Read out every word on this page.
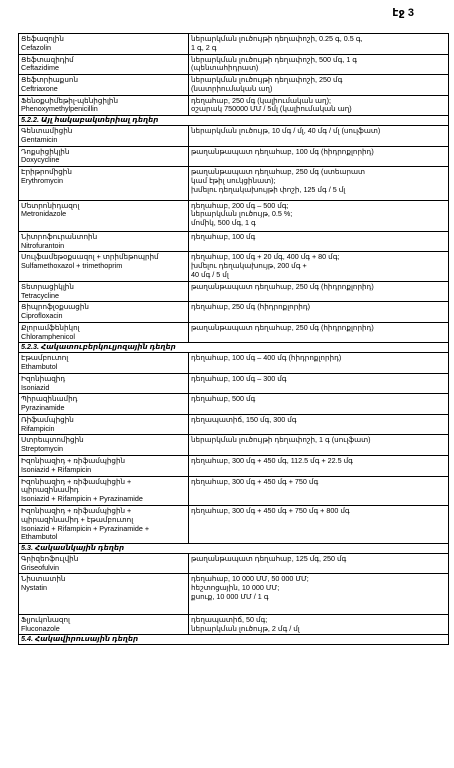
էջ 3
Ցեֆազոլին
Cefazolin	ներարկման լուծույթի դեղափոշի, 0.25 գ, 0.5 գ,
1 գ, 2 գ

Ցեֆտազիդիմ
Ceftazidime	ներարկման լուծույթի դեղափոշի, 500 մգ, 1 գ
(պենտահիդրատ)

Ցեֆտրիաքսոն
Ceftriaxone	ներարկման լուծույթի դեղափոշի, 250 մգ
(նատրիումական աղ)

Ֆենօքսիմեթիլ-պենիցիլին
Phenoxymethylpenicillin	դեղահաբ, 250 մգ (կալիումական աղ);
օշարակ 750000 ՄՄ / 5մլ (կալիումական աղ)

5.2.2. Այլ հակաբակտերիալ դեղեր	

Գենտամիցին
Gentamicin	ներարկման լուծույթ, 10 մգ / մլ, 40 մգ / մլ (սուլֆատ)

Դոքսիցիկլին
Doxycycline	թաղանթապատ դեղահաբ, 100 մգ (հիդրոքլորիդ)

Էրիթրոմիցին
Erythromycin	թաղանթապատ դեղահաբ, 250 մգ (ստեարատ
կամ էթիլ սուկցինատ);
խմելու դեղակախույթի փոշի, 125 մգ / 5 մլ

Մետրոնիդազոլ
Metronidazole	դեղահաբ, 200 մգ – 500 մգ;
ներարկման լուծույթ, 0.5 %;
մոմիկ, 500 մգ, 1 գ

Նիտրոֆուրանտոին
Nitrofurantoin	դեղահաբ, 100 մգ

Սուլֆամեթօքսազոլ + տրիմեթոպրիմ
Sulfamethoxazol + trimethoprim	դեղահաբ, 100 մգ + 20 մգ, 400 մգ + 80 մգ;
խմելու դեղակախույթ, 200 մգ +
40 մգ / 5 մլ

Տետրացիկլին
Tetracycline	թաղանթապատ դեղահաբ, 250 մգ (հիդրոքլորիդ)

Ցիպրոֆլօքսացին
Ciprofloxacin	դեղահաբ, 250 մգ (հիդրոքլորիդ)

Քլորամֆենիկոլ
Chloramphenicol	թաղանթապատ դեղահաբ, 250 մգ (հիդրոքլորիդ)

5.2.3. Հակատուբերկուլյոզային դեղեր	

Էթամբուտոլ
Ethambutol	դեղահաբ, 100 մգ – 400 մգ (հիդրոքլորիդ)

Իզոնիազիդ
Isoniazid	դեղահաբ, 100 մգ – 300 մգ

Պիրազինամիդ
Pyrazinamide	դեղահաբ, 500 մգ

Ռիֆամպիցին
Rifampicin	դեղապատիճ, 150 մգ, 300 մգ

Ստրեպտոմիցին
Streptomycin	ներարկման լուծույթի դեղափոշի, 1 գ (սուլֆատ)

Իզոնիազիդ + ռիֆամպիցին
Isoniazid + Rifampicin	դեղահաբ, 300 մգ + 450 մգ, 112.5 մգ + 22.5 մգ

Իզոնիազիդ + ռիֆամպիցին + պիրազինամիդ
Isoniazid + Rifampicin + Pyrazinamide	դեղահաբ, 300 մգ + 450 մգ + 750 մգ

Իզոնիազիդ + ռիֆամպիցին + պիրազինամիդ + էթամբուտոլ
Isoniazid + Rifampicin + Pyrazinamide + Ethambutol	դեղահաբ, 300 մգ + 450 մգ + 750 մգ + 800 մգ

5.3. Հակասնկային դեղեր	

Գրիզեոֆուլվին
Griseofulvin	թաղանթապատ դեղահաբ, 125 մգ, 250 մգ

Նիստատին
Nystatin	դեղահաբ, 10 000 ՄՄ, 50 000 ՄՄ;
հեշտոցային, 10 000 ՄՄ;
քսուք, 10 000 ՄՄ / 1 գ

Ֆլյուկոնազոլ
Fluconazole	դեղապատիճ, 50 մգ;
ներարկման լուծույթ, 2 մգ / մլ

5.4. Հակավիրուսային դեղեր	
